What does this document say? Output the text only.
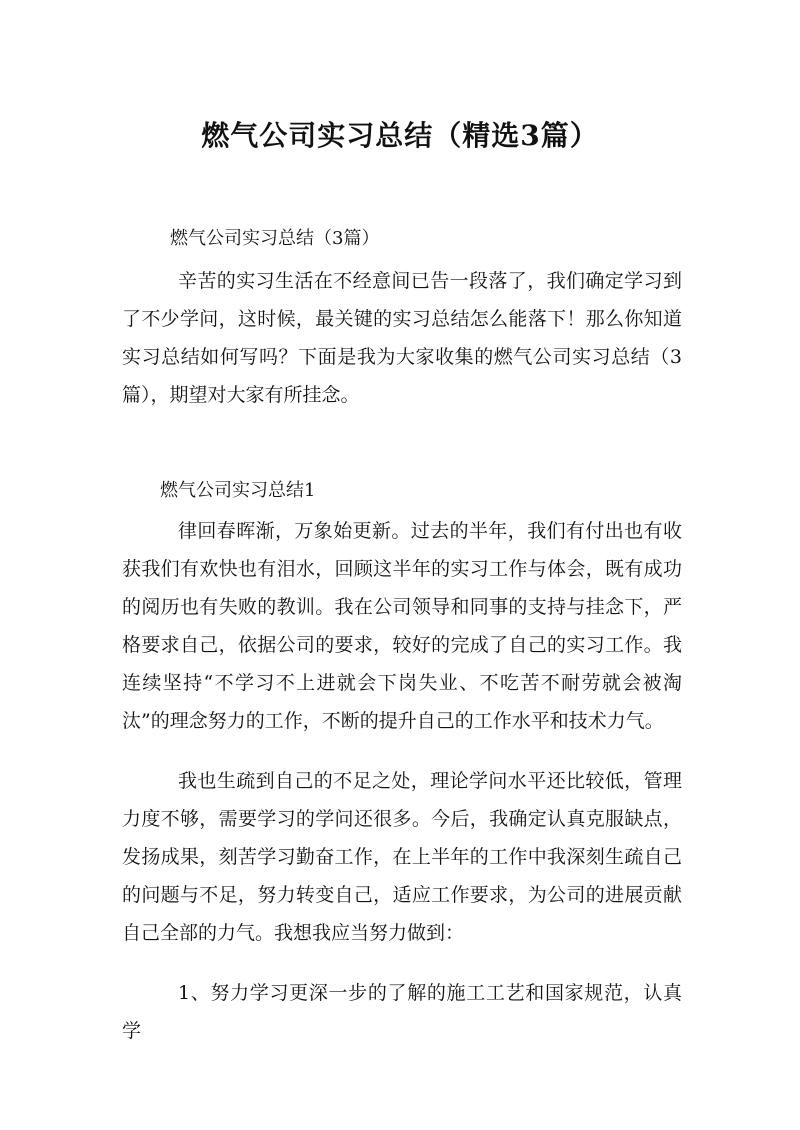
燃气公司实习总结（精选3篇）
燃气公司实习总结（3篇）

辛苦的实习生活在不经意间已告一段落了，我们确定学习到了不少学问，这时候，最关键的实习总结怎么能落下！那么你知道实习总结如何写吗？下面是我为大家收集的燃气公司实习总结（3篇），期望对大家有所挂念。

燃气公司实习总结1

律回春晖渐，万象始更新。过去的半年，我们有付出也有收获我们有欢快也有泪水，回顾这半年的实习工作与体会，既有成功的阅历也有失败的教训。我在公司领导和同事的支持与挂念下，严格要求自己，依据公司的要求，较好的完成了自己的实习工作。我连续坚持“不学习不上进就会下岗失业、不吃苦不耐劳就会被淘汰”的理念努力的工作，不断的提升自己的工作水平和技术力气。

我也生疏到自己的不足之处，理论学问水平还比较低，管理力度不够，需要学习的学问还很多。今后，我确定认真克服缺点，发扬成果，刻苦学习勤奋工作，在上半年的工作中我深刻生疏自己的问题与不足，努力转变自己，适应工作要求，为公司的进展贡献自己全部的力气。我想我应当努力做到：

1、努力学习更深一步的了解的施工工艺和国家规范，认真学
